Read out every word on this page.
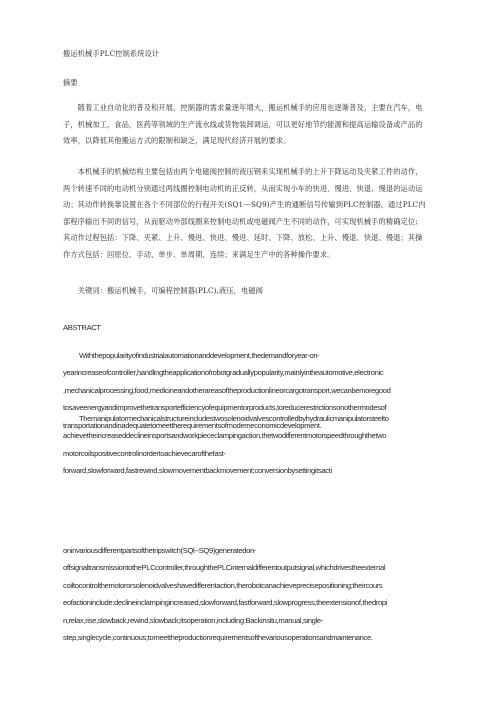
搬运机械手PLC控制系统设计
摘要
　　随着工业自动化的普及和开展，控制器的需求量逐年增大，搬运机械手的应用也逐渐普及，主要在汽车，电
子，机械加工，食品，医药等领域的生产流水线或货物装卸调运，可以更好地节约能源和提高运输设备或产品的
效率，以降低其他搬运方式的限制和缺乏，满足现代经济开展的要求。
　　本机械手的机械结构主要包括由两个电磁阀控制的液压钢来实现机械手的上升下降运动及夹紧工件的动作，
两个转速不同的电动机分别通过两线圈控制电动机的正反转，从而实现小车的快进、慢进、快退、慢退的运动运
动；其动作转换靠设置在各个不同部位的行程开关(SQ1---SQ9)产生的通断信号传输到PLC控制器，通过PLC内
部程序输出不同的信号，从而驱动外部线圈来控制电动机或电磁阀产生不同的动作，可实现机械手的精确定位;
其动作过程包括：下降、夹紧、上升、慢进、快进、慢进、延时、下降、放松、上升、慢退、快退、慢退；其操
作方式包括：回原位、手动、单步、单周期、连续；来满足生产中的各种操作要求。
　　关键词：搬运机械手，可编程控制器(PLC),液压，电磁阀
ABSTRACT
Withthepopularityofindustrialautomationanddevelopment,thedemandforyear-on-
yearincreaseofcontroller,handlingtheapplicationofrobotgraduallypopularity,mainlyintheautomotive,electronic
,mechanicalprocessing,food,medicineandotherareasoftheproductionlineorcargotransport,wecanbemoregood
tosaveenergyandimprovethetransportefficiencyofequipmentorproducts,toreducerestrictionsonothermodesof
transportationandinadequatetomeettherequirementsofmoderneconomicdevelopment.
Themanipulatormechanicalstructureincludestwosolenoidvalvescontrolledbyhydraulicmanipulatorsteelto
achievetheincreaseddeclineinsportsandworkpiececlampingaction,thetwodifferentmotorspeedthroughthetwo
motorcoilspositivecontrolinordertoachievecarofthefast-
forward,slowforward,fastrewind,slowmovementbackmovement;conversionbysettingitsacti
oninvariousdifferentpartsofthetripswitch(SQl--SQ9)generatedon-
offsignaltransmissiontothePLCcontroller,throughthePLCinternaldifferentoutputsignal,whichdrivestheexternal
coiltocontrolthemotororsolenoidvalveshavedifferentaction,therobotcanachieveprecisepositioning;theircours
eofactioninclude:declineinclampingincreased,slowforward,fastforward,slowprogress,theextensionof,thedropi
n,relax,rise,slowback,rewind,slowback;itsoperation,including:Backinsitu,manual,single-
step,singlecycle,continuous;tomeettheproductionrequirementsofthevariousoperationsandmaintenance.
